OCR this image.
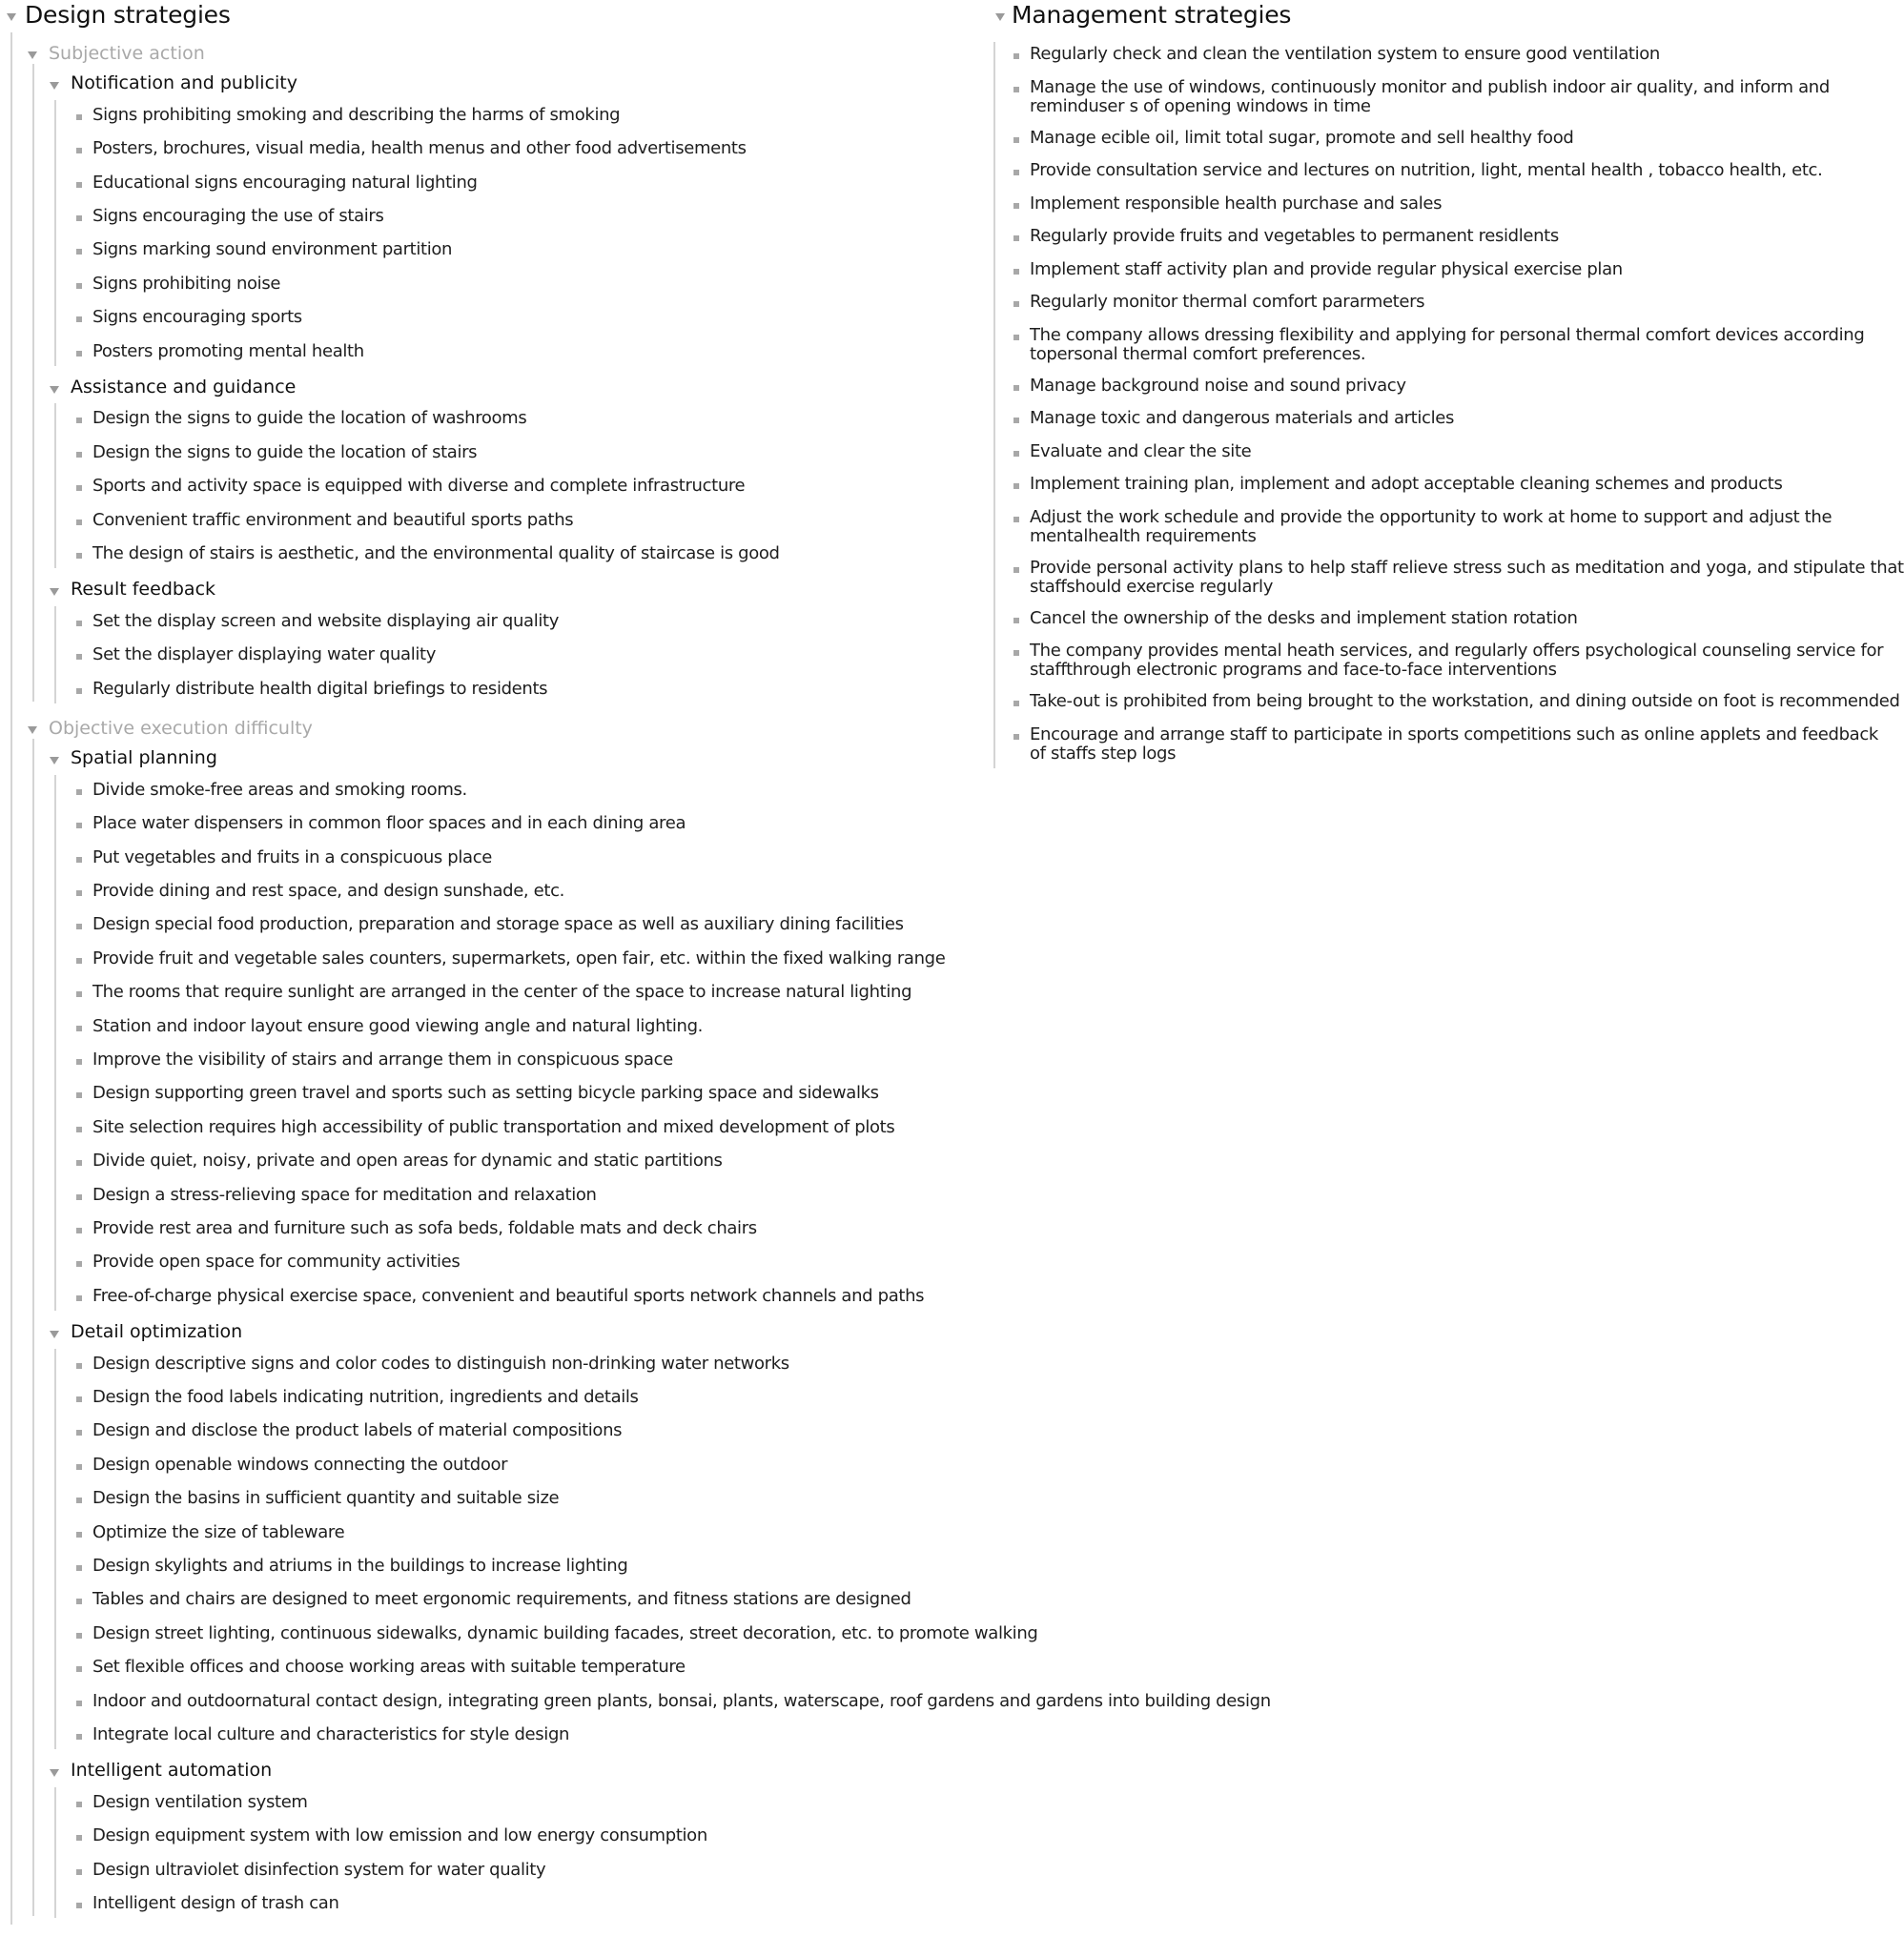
Design strategies
Subjective action
Notification and publicity
Signs prohibiting smoking and describing the harms of smoking
Posters, brochures, visual media, health menus and other food advertisements
Educational signs encouraging natural lighting
Signs encouraging the use of stairs
Signs marking sound environment partition
Signs prohibiting noise
Signs encouraging sports
Posters promoting mental health
Assistance and guidance
Design the signs to guide the location of washrooms
Design the signs to guide the location of stairs
Sports and activity space is equipped with diverse and complete infrastructure
Convenient traffic environment and beautiful sports paths
The design of stairs is aesthetic, and the environmental quality of staircase is good
Result feedback
Set the display screen and website displaying air quality
Set the displayer displaying water quality
Regularly distribute health digital briefings to residents
Objective execution difficulty
Spatial planning
Divide smoke-free areas and smoking rooms.
Place water dispensers in common floor spaces and in each dining area
Put vegetables and fruits in a conspicuous place
Provide dining and rest space, and design sunshade, etc.
Design special food production, preparation and storage space as well as auxiliary dining facilities
Provide fruit and vegetable sales counters, supermarkets, open fair, etc. within the fixed walking range
The rooms that require sunlight are arranged in the center of the space to increase natural lighting
Station and indoor layout ensure good viewing angle and natural lighting.
Improve the visibility of stairs and arrange them in conspicuous space
Design supporting green travel and sports such as setting bicycle parking space and sidewalks
Site selection requires high accessibility of public transportation and mixed development of plots
Divide quiet, noisy, private and open areas for dynamic and static partitions
Design a stress-relieving space for meditation and relaxation
Provide rest area and furniture such as sofa beds, foldable mats and deck chairs
Provide open space for community activities
Free-of-charge physical exercise space, convenient and beautiful sports network channels and paths
Detail optimization
Design descriptive signs and color codes to distinguish non-drinking water networks
Design the food labels indicating nutrition, ingredients and details
Design and disclose the product labels of material compositions
Design openable windows connecting the outdoor
Design the basins in sufficient quantity and suitable size
Optimize the size of tableware
Design skylights and atriums in the buildings to increase lighting
Tables and chairs are designed to meet ergonomic requirements, and fitness stations are designed
Design street lighting, continuous sidewalks, dynamic building facades, street decoration, etc. to promote walking
Set flexible offices and choose working areas with suitable temperature
Indoor and outdoornatural contact design, integrating green plants, bonsai, plants, waterscape, roof gardens and gardens into building design
Integrate local culture and characteristics for style design
Intelligent automation
Design ventilation system
Design equipment system with low emission and low energy consumption
Design ultraviolet disinfection system for water quality
Intelligent design of trash can
Management strategies
Regularly check and clean the ventilation system to ensure good ventilation
Manage the use of windows, continuously monitor and publish indoor air quality, and inform and
reminduser s of opening windows in time
Manage ecible oil, limit total sugar, promote and sell healthy food
Provide consultation service and lectures on nutrition, light, mental health , tobacco health, etc.
Implement responsible health purchase and sales
Regularly provide fruits and vegetables to permanent residlents
Implement staff activity plan and provide regular physical exercise plan
Regularly monitor thermal comfort pararmeters
The company allows dressing flexibility and applying for personal thermal comfort devices according
topersonal thermal comfort preferences.
Manage background noise and sound privacy
Manage toxic and dangerous materials and articles
Evaluate and clear the site
Implement training plan, implement and adopt acceptable cleaning schemes and products
Adjust the work schedule and provide the opportunity to work at home to support and adjust the
mentalhealth requirements
Provide personal activity plans to help staff relieve stress such as meditation and yoga, and stipulate that
staffshould exercise regularly
Cancel the ownership of the desks and implement station rotation
The company provides mental heath services, and regularly offers psychological counseling service for
staffthrough electronic programs and face-to-face interventions
Take-out is prohibited from being brought to the workstation, and dining outside on foot is recommended
Encourage and arrange staff to participate in sports competitions such as online applets and feedback
of staffs step logs
